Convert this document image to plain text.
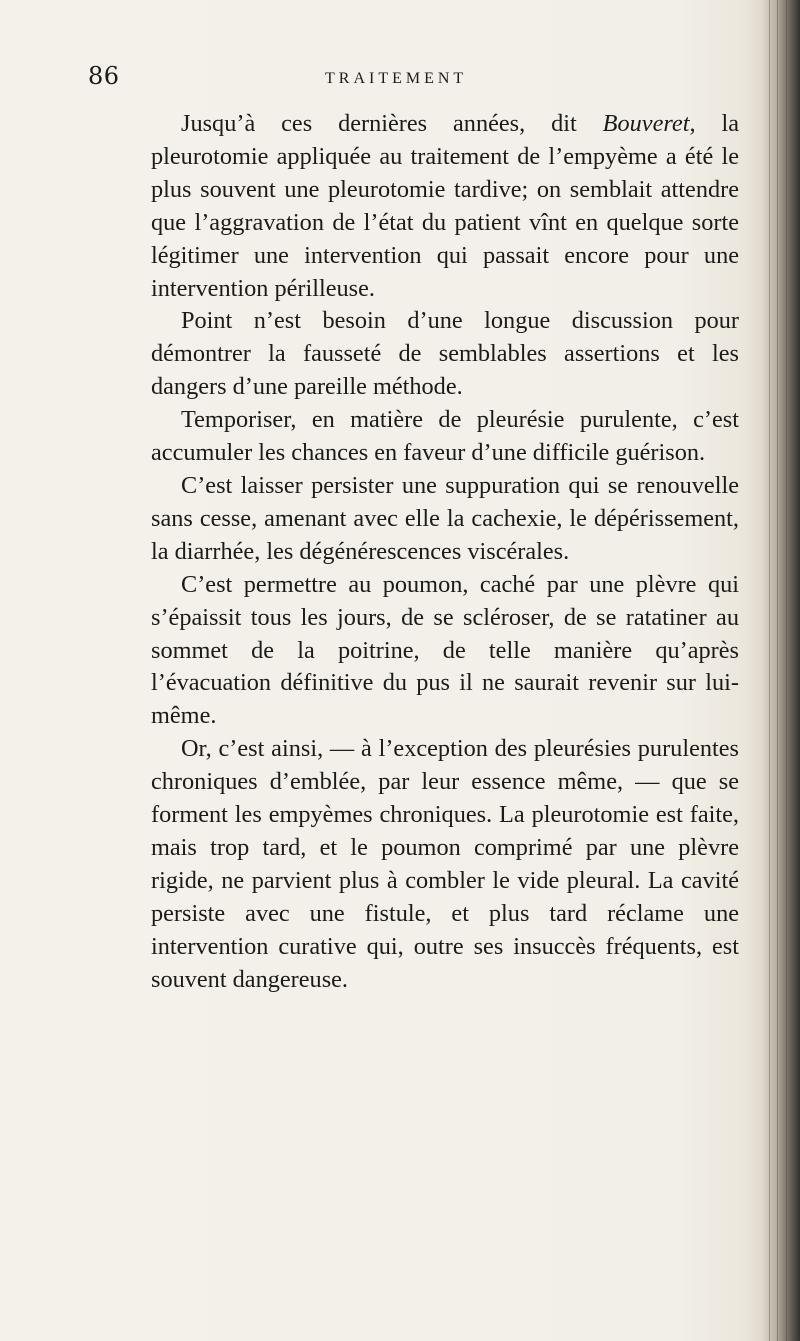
86	TRAITEMENT

Jusqu’à ces dernières années, dit Bouveret, la pleurotomie appliquée au traitement de l’empyème a été le plus souvent une pleurotomie tardive; on semblait attendre que l’aggravation de l’état du patient vînt en quelque sorte légitimer une intervention qui passait encore pour une intervention périlleuse.

Point n’est besoin d’une longue discussion pour démontrer la fausseté de semblables assertions et les dangers d’une pareille méthode.

Temporiser, en matière de pleurésie purulente, c’est accumuler les chances en faveur d’une difficile guérison.

C’est laisser persister une suppuration qui se renouvelle sans cesse, amenant avec elle la cachexie, le dépérissement, la diarrhée, les dégénérescences viscérales.

C’est permettre au poumon, caché par une plèvre qui s’épaissit tous les jours, de se scléroser, de se ratatiner au sommet de la poitrine, de telle manière qu’après l’évacuation définitive du pus il ne saurait revenir sur lui-même.

Or, c’est ainsi, — à l’exception des pleurésies purulentes chroniques d’emblée, par leur essence même, — que se forment les empyèmes chroniques. La pleurotomie est faite, mais trop tard, et le poumon comprimé par une plèvre rigide, ne parvient plus à combler le vide pleural. La cavité persiste avec une fistule, et plus tard réclame une intervention curative qui, outre ses insuccès fréquents, est souvent dangereuse.
